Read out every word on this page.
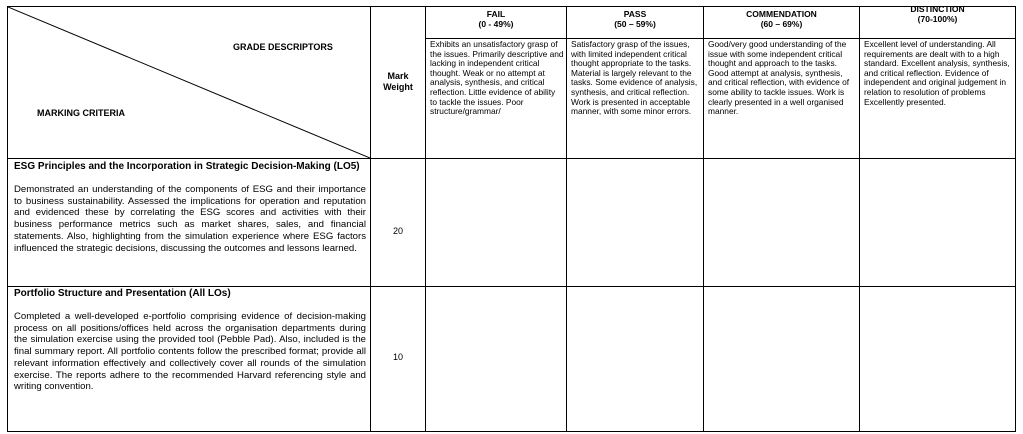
GRADE DESCRIPTORS
MARKING CRITERIA
Mark
Weight
FAIL
(0 - 49%)
PASS
(50 – 59%)
COMMENDATION
(60 – 69%)
DISTINCTION
(70-100%)
Exhibits an unsatisfactory grasp of the issues. Primarily descriptive and lacking in independent critical thought. Weak or no attempt at analysis, synthesis, and critical reflection. Little evidence of ability to tackle the issues. Poor structure/grammar/
Satisfactory grasp of the issues, with limited independent critical thought appropriate to the tasks. Material is largely relevant to the tasks. Some evidence of analysis, synthesis, and critical reflection. Work is presented in acceptable manner, with some minor errors.
Good/very good understanding of the issue with some independent critical thought and approach to the tasks. Good attempt at analysis, synthesis, and critical reflection, with evidence of some ability to tackle issues. Work is clearly presented in a well organised manner.
Excellent level of understanding. All requirements are dealt with to a high standard. Excellent analysis, synthesis, and critical reflection. Evidence of independent and original judgement in relation to resolution of problems Excellently presented.
ESG Principles and the Incorporation in Strategic Decision-Making (LO5)
Demonstrated an understanding of the components of ESG and their importance to business sustainability. Assessed the implications for operation and reputation and evidenced these by correlating the ESG scores and activities with their business performance metrics such as market shares, sales, and financial statements. Also, highlighting from the simulation experience where ESG factors influenced the strategic decisions, discussing the outcomes and lessons learned.
20
Portfolio Structure and Presentation (All LOs)
Completed a well-developed e-portfolio comprising evidence of decision-making process on all positions/offices held across the organisation departments during the simulation exercise using the provided tool (Pebble Pad). Also, included is the final summary report. All portfolio contents follow the prescribed format; provide all relevant information effectively and collectively cover all rounds of the simulation exercise. The reports adhere to the recommended Harvard referencing style and writing convention.
10
